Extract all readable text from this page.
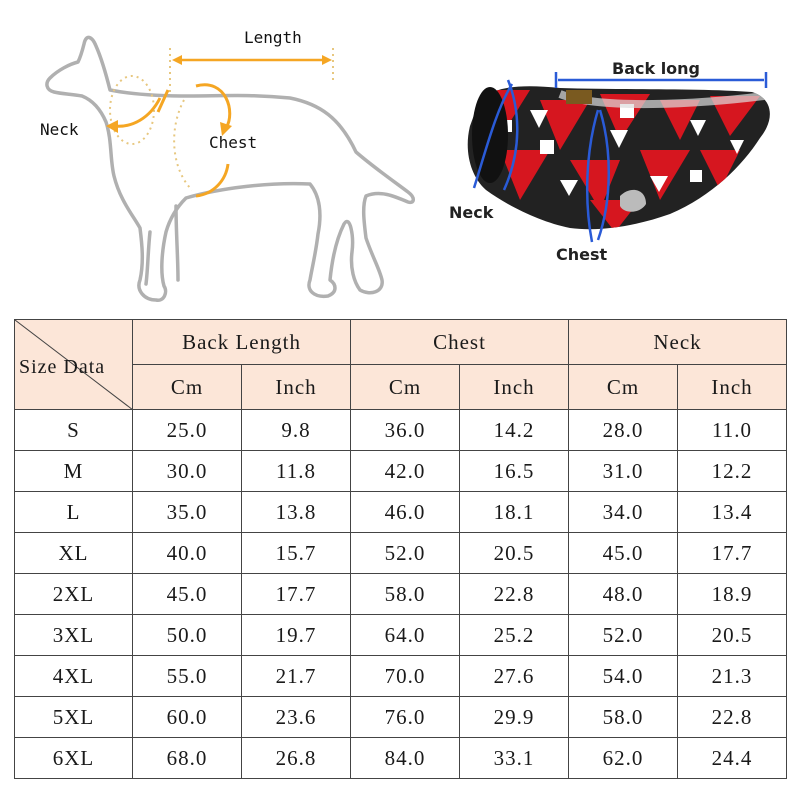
Length
Neck
Chest
Back long
Neck
Chest
Size Data	Back Length		Chest		Neck	
	Cm	Inch	Cm	Inch	Cm	Inch
S	25.0	9.8	36.0	14.2	28.0	11.0
M	30.0	11.8	42.0	16.5	31.0	12.2
L	35.0	13.8	46.0	18.1	34.0	13.4
XL	40.0	15.7	52.0	20.5	45.0	17.7
2XL	45.0	17.7	58.0	22.8	48.0	18.9
3XL	50.0	19.7	64.0	25.2	52.0	20.5
4XL	55.0	21.7	70.0	27.6	54.0	21.3
5XL	60.0	23.6	76.0	29.9	58.0	22.8
6XL	68.0	26.8	84.0	33.1	62.0	24.4
